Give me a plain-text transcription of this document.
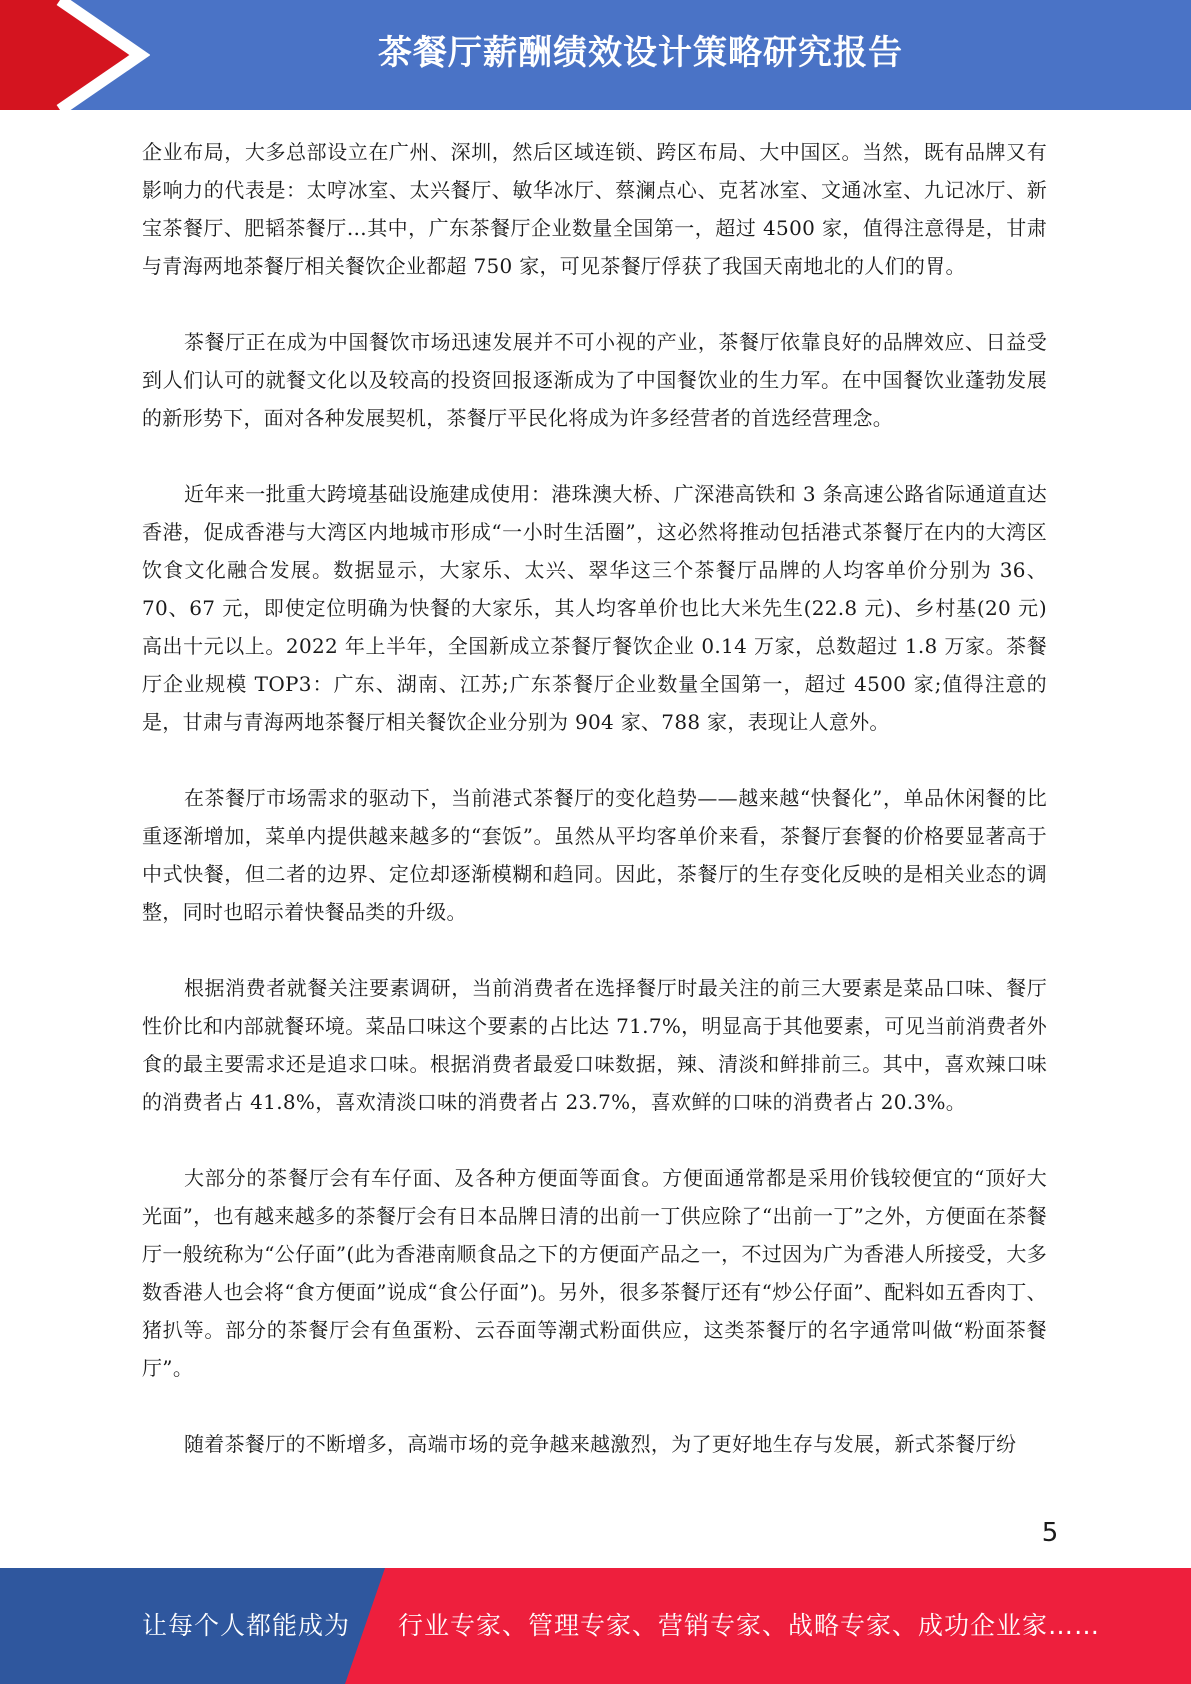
茶餐厅薪酬绩效设计策略研究报告

企业布局，大多总部设立在广州、深圳，然后区域连锁、跨区布局、大中国区。当然，既有品牌又有影响力的代表是：太哼冰室、太兴餐厅、敏华冰厅、蔡澜点心、克茗冰室、文通冰室、九记冰厅、新宝茶餐厅、肥韬茶餐厅…其中，广东茶餐厅企业数量全国第一，超过 4500 家，值得注意得是，甘肃与青海两地茶餐厅相关餐饮企业都超 750 家，可见茶餐厅俘获了我国天南地北的人们的胃。

茶餐厅正在成为中国餐饮市场迅速发展并不可小视的产业，茶餐厅依靠良好的品牌效应、日益受到人们认可的就餐文化以及较高的投资回报逐渐成为了中国餐饮业的生力军。在中国餐饮业蓬勃发展的新形势下，面对各种发展契机，茶餐厅平民化将成为许多经营者的首选经营理念。

近年来一批重大跨境基础设施建成使用：港珠澳大桥、广深港高铁和 3 条高速公路省际通道直达香港，促成香港与大湾区内地城市形成“一小时生活圈”，这必然将推动包括港式茶餐厅在内的大湾区饮食文化融合发展。数据显示，大家乐、太兴、翠华这三个茶餐厅品牌的人均客单价分别为 36、70、67 元，即使定位明确为快餐的大家乐，其人均客单价也比大米先生(22.8 元)、乡村基(20 元)高出十元以上。2022 年上半年，全国新成立茶餐厅餐饮企业 0.14 万家，总数超过 1.8 万家。茶餐厅企业规模 TOP3：广东、湖南、江苏;广东茶餐厅企业数量全国第一，超过 4500 家;值得注意的是，甘肃与青海两地茶餐厅相关餐饮企业分别为 904 家、788 家，表现让人意外。

在茶餐厅市场需求的驱动下，当前港式茶餐厅的变化趋势——越来越“快餐化”，单品休闲餐的比重逐渐增加，菜单内提供越来越多的“套饭”。虽然从平均客单价来看，茶餐厅套餐的价格要显著高于中式快餐，但二者的边界、定位却逐渐模糊和趋同。因此，茶餐厅的生存变化反映的是相关业态的调整，同时也昭示着快餐品类的升级。

根据消费者就餐关注要素调研，当前消费者在选择餐厅时最关注的前三大要素是菜品口味、餐厅性价比和内部就餐环境。菜品口味这个要素的占比达 71.7%，明显高于其他要素，可见当前消费者外食的最主要需求还是追求口味。根据消费者最爱口味数据，辣、清淡和鲜排前三。其中，喜欢辣口味的消费者占 41.8%，喜欢清淡口味的消费者占 23.7%，喜欢鲜的口味的消费者占 20.3%。

大部分的茶餐厅会有车仔面、及各种方便面等面食。方便面通常都是采用价钱较便宜的“顶好大光面”，也有越来越多的茶餐厅会有日本品牌日清的出前一丁供应除了“出前一丁”之外，方便面在茶餐厅一般统称为“公仔面”(此为香港南顺食品之下的方便面产品之一，不过因为广为香港人所接受，大多数香港人也会将“食方便面”说成“食公仔面”)。另外，很多茶餐厅还有“炒公仔面”、配料如五香肉丁、猪扒等。部分的茶餐厅会有鱼蛋粉、云吞面等潮式粉面供应，这类茶餐厅的名字通常叫做“粉面茶餐厅”。

随着茶餐厅的不断增多，高端市场的竞争越来越激烈，为了更好地生存与发展，新式茶餐厅纷

5
让每个人都能成为 行业专家、管理专家、营销专家、战略专家、成功企业家……
